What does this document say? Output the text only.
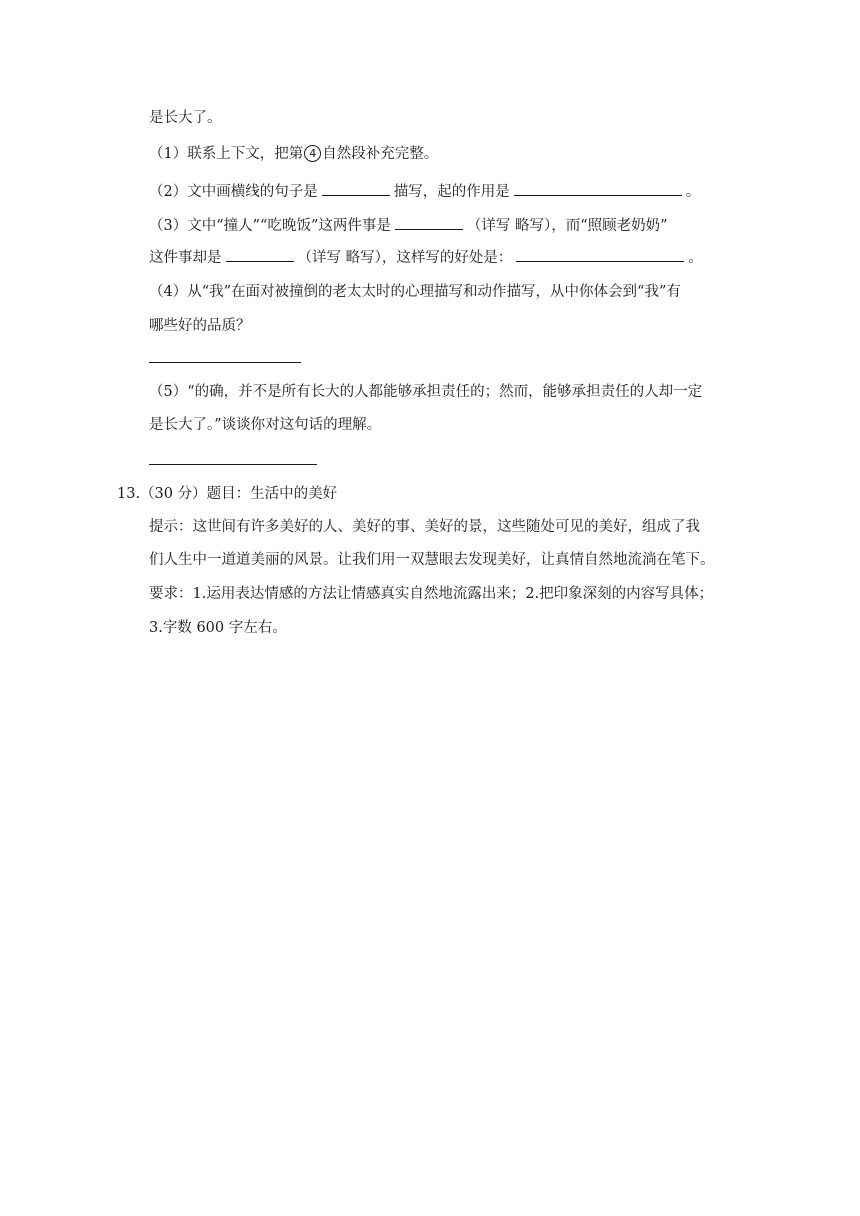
是长大了。
（1）联系上下文，把第 4 自然段补充完整。
（2）文中画横线的句子是	描写，起的作用是	。
（3）文中“撞人”“吃晚饭”这两件事是	（详写 略写），而“照顾老奶奶”
这件事却是	（详写 略写），这样写的好处是：	。
（4）从“我”在面对被撞倒的老太太时的心理描写和动作描写，从中你体会到“我”有
哪些好的品质？
（5）“的确，并不是所有长大的人都能够承担责任的；然而，能够承担责任的人却一定
是长大了。”谈谈你对这句话的理解。
13.（30 分）题目：生活中的美好
提示：这世间有许多美好的人、美好的事、美好的景，这些随处可见的美好，组成了我
们人生中一道道美丽的风景。让我们用一双慧眼去发现美好，让真情自然地流淌在笔下。
要求：1.运用表达情感的方法让情感真实自然地流露出来；2.把印象深刻的内容写具体；
3.字数 600 字左右。
